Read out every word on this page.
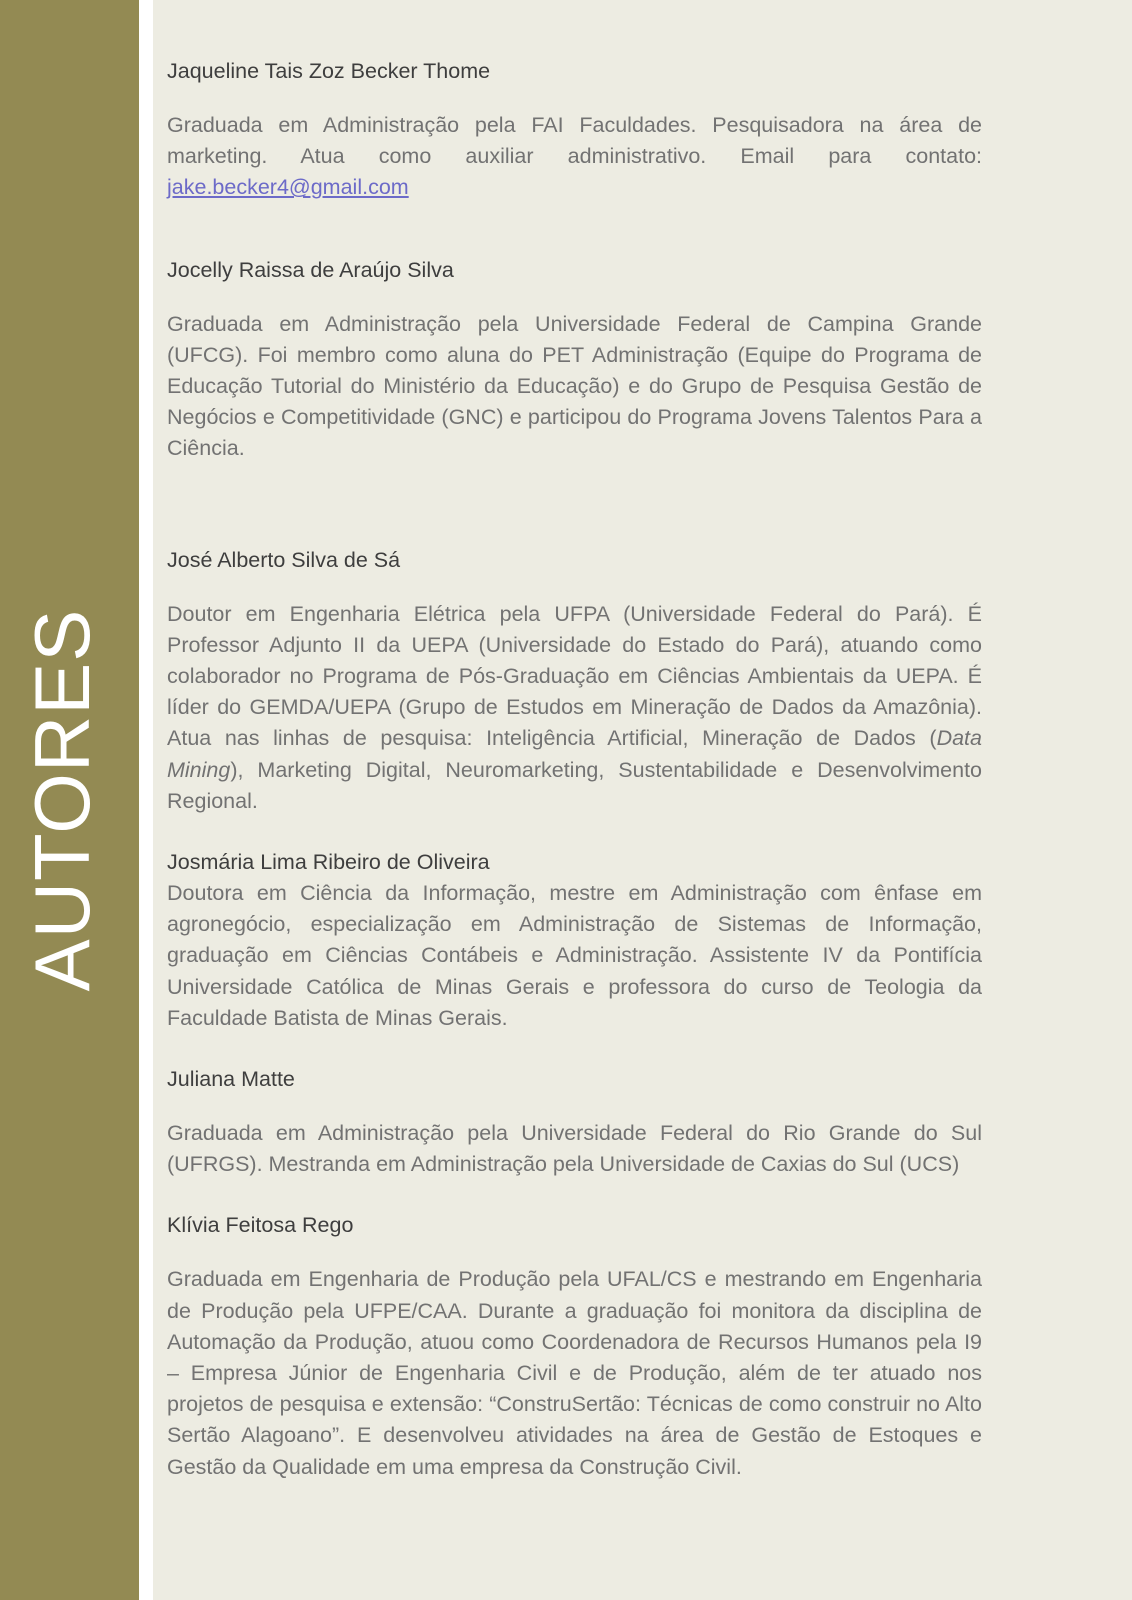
AUTORES

Jaqueline Tais Zoz Becker Thome

Graduada em Administração pela FAI Faculdades. Pesquisadora na área de marketing. Atua como auxiliar administrativo. Email para contato: jake.becker4@gmail.com

Jocelly Raissa de Araújo Silva

Graduada em Administração pela Universidade Federal de Campina Grande (UFCG). Foi membro como aluna do PET Administração (Equipe do Programa de Educação Tutorial do Ministério da Educação) e do Grupo de Pesquisa Gestão de Negócios e Competitividade (GNC) e participou do Programa Jovens Talentos Para a Ciência.

José Alberto Silva de Sá

Doutor em Engenharia Elétrica pela UFPA (Universidade Federal do Pará). É Professor Adjunto II da UEPA (Universidade do Estado do Pará), atuando como colaborador no Programa de Pós-Graduação em Ciências Ambientais da UEPA. É líder do GEMDA/UEPA (Grupo de Estudos em Mineração de Dados da Amazônia). Atua nas linhas de pesquisa: Inteligência Artificial, Mineração de Dados (Data Mining), Marketing Digital, Neuromarketing, Sustentabilidade e Desenvolvimento Regional.

Josmária Lima Ribeiro de Oliveira

Doutora em Ciência da Informação, mestre em Administração com ênfase em agronegócio, especialização em Administração de Sistemas de Informação, graduação em Ciências Contábeis e Administração. Assistente IV da Pontifícia Universidade Católica de Minas Gerais e professora do curso de Teologia da Faculdade Batista de Minas Gerais.

Juliana Matte

Graduada em Administração pela Universidade Federal do Rio Grande do Sul (UFRGS). Mestranda em Administração pela Universidade de Caxias do Sul (UCS)

Klívia Feitosa Rego

Graduada em Engenharia de Produção pela UFAL/CS e mestrando em Engenharia de Produção pela UFPE/CAA. Durante a graduação foi monitora da disciplina de Automação da Produção, atuou como Coordenadora de Recursos Humanos pela I9 – Empresa Júnior de Engenharia Civil e de Produção, além de ter atuado nos projetos de pesquisa e extensão: “ConstruSertão: Técnicas de como construir no Alto Sertão Alagoano”. E desenvolveu atividades na área de Gestão de Estoques e Gestão da Qualidade em uma empresa da Construção Civil.
